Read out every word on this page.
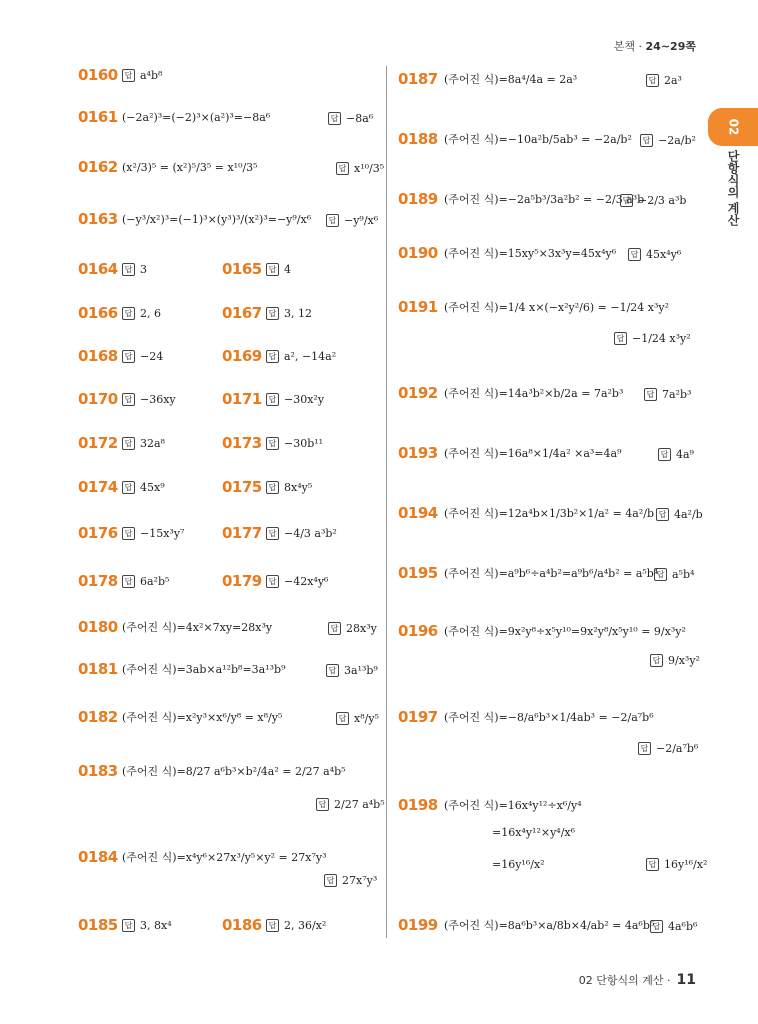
본책 · 24~29쪽
02
단항식의 계산
0160 답 a⁴b⁸
0161 (−2a²)³=(−2)³×(a²)³=−8a⁶ 답	−8a⁶
0162 (x²/3)⁵ = (x²)⁵/3⁵ = x¹⁰/3⁵ 답	x¹⁰/3⁵
0163 (−y³/x²)³=(−1)³×(y³)³/(x²)³=−y⁹/x⁶ 답	−y⁹/x⁶
0164 답 3	0165 답 4
0166 답 2, 6	0167 답 3, 12
0168 답 −24	0169 답 a², −14a²
0170 답 −36xy	0171 답 −30x²y
0172 답 32a⁸	0173 답 −30b¹¹
0174 답 45x⁹	0175 답 8x⁴y⁵
0176 답 −15x³y⁷	0177 답 −4/3 a³b²
0178 답 6a²b⁵	0179 답 −42x⁴y⁶
0180 (주어진 식)=4x²×7xy=28x³y 답	28x³y
0181 (주어진 식)=3ab×a¹²b⁸=3a¹³b⁹ 답	3a¹³b⁹
0182 (주어진 식)=x²y³×x⁶/y⁸ = x⁸/y⁵ 답	x⁸/y⁵
0183 (주어진 식)=8/27 a⁶b³×b²/4a² = 2/27 a⁴b⁵
답
2/27 a⁴b⁵
0184 (주어진 식)=x⁴y⁶×27x³/y⁵×y² = 27x⁷y³
답
27x⁷y³
0185 답 3, 8x⁴	0186 답 2, 36/x²
0187 (주어진 식)=8a⁴/4a = 2a³ 답	2a³
0188 (주어진 식)=−10a²b/5ab³ = −2a/b² 답 −2a/b²
0189 (주어진 식)=−2a⁵b³/3a²b² = −2/3 a³b
답
−2/3 a³b
0190 (주어진 식)=15xy⁵×3x³y=45x⁴y⁶ 답	45x⁴y⁶
0191 (주어진 식)=1/4 x×(−x²y²/6) = −1/24 x³y²
답
−1/24 x³y²
0192 (주어진 식)=14a³b²×b/2a = 7a²b³ 답	7a²b³
0193 (주어진 식)=16a⁸×1/4a² ×a³=4a⁹ 답	4a⁹
0194 (주어진 식)=12a⁴b×1/3b²×1/a² = 4a²/b 답 4a²/b
0195 (주어진 식)=a⁹b⁶÷a⁴b²=a⁹b⁶/a⁴b² = a⁵b⁴ 답 a⁵b⁴
0196 (주어진 식)=9x²y⁸÷x⁵y¹⁰=9x²y⁸/x⁵y¹⁰ = 9/x³y²
답
9/x³y²
0197 (주어진 식)=−8/a⁶b³×1/4ab³ = −2/a⁷b⁶
답
−2/a⁷b⁶
0198 (주어진 식)=16x⁴y¹²÷x⁶/y⁴
=16x⁴y¹²×y⁴/x⁶
=16y¹⁶/x² 답	16y¹⁶/x²
0199 (주어진 식)=8a⁶b³×a/8b×4/ab² = 4a⁶b⁶ 답 4a⁶b⁶
02 단항식의 계산 · 11
